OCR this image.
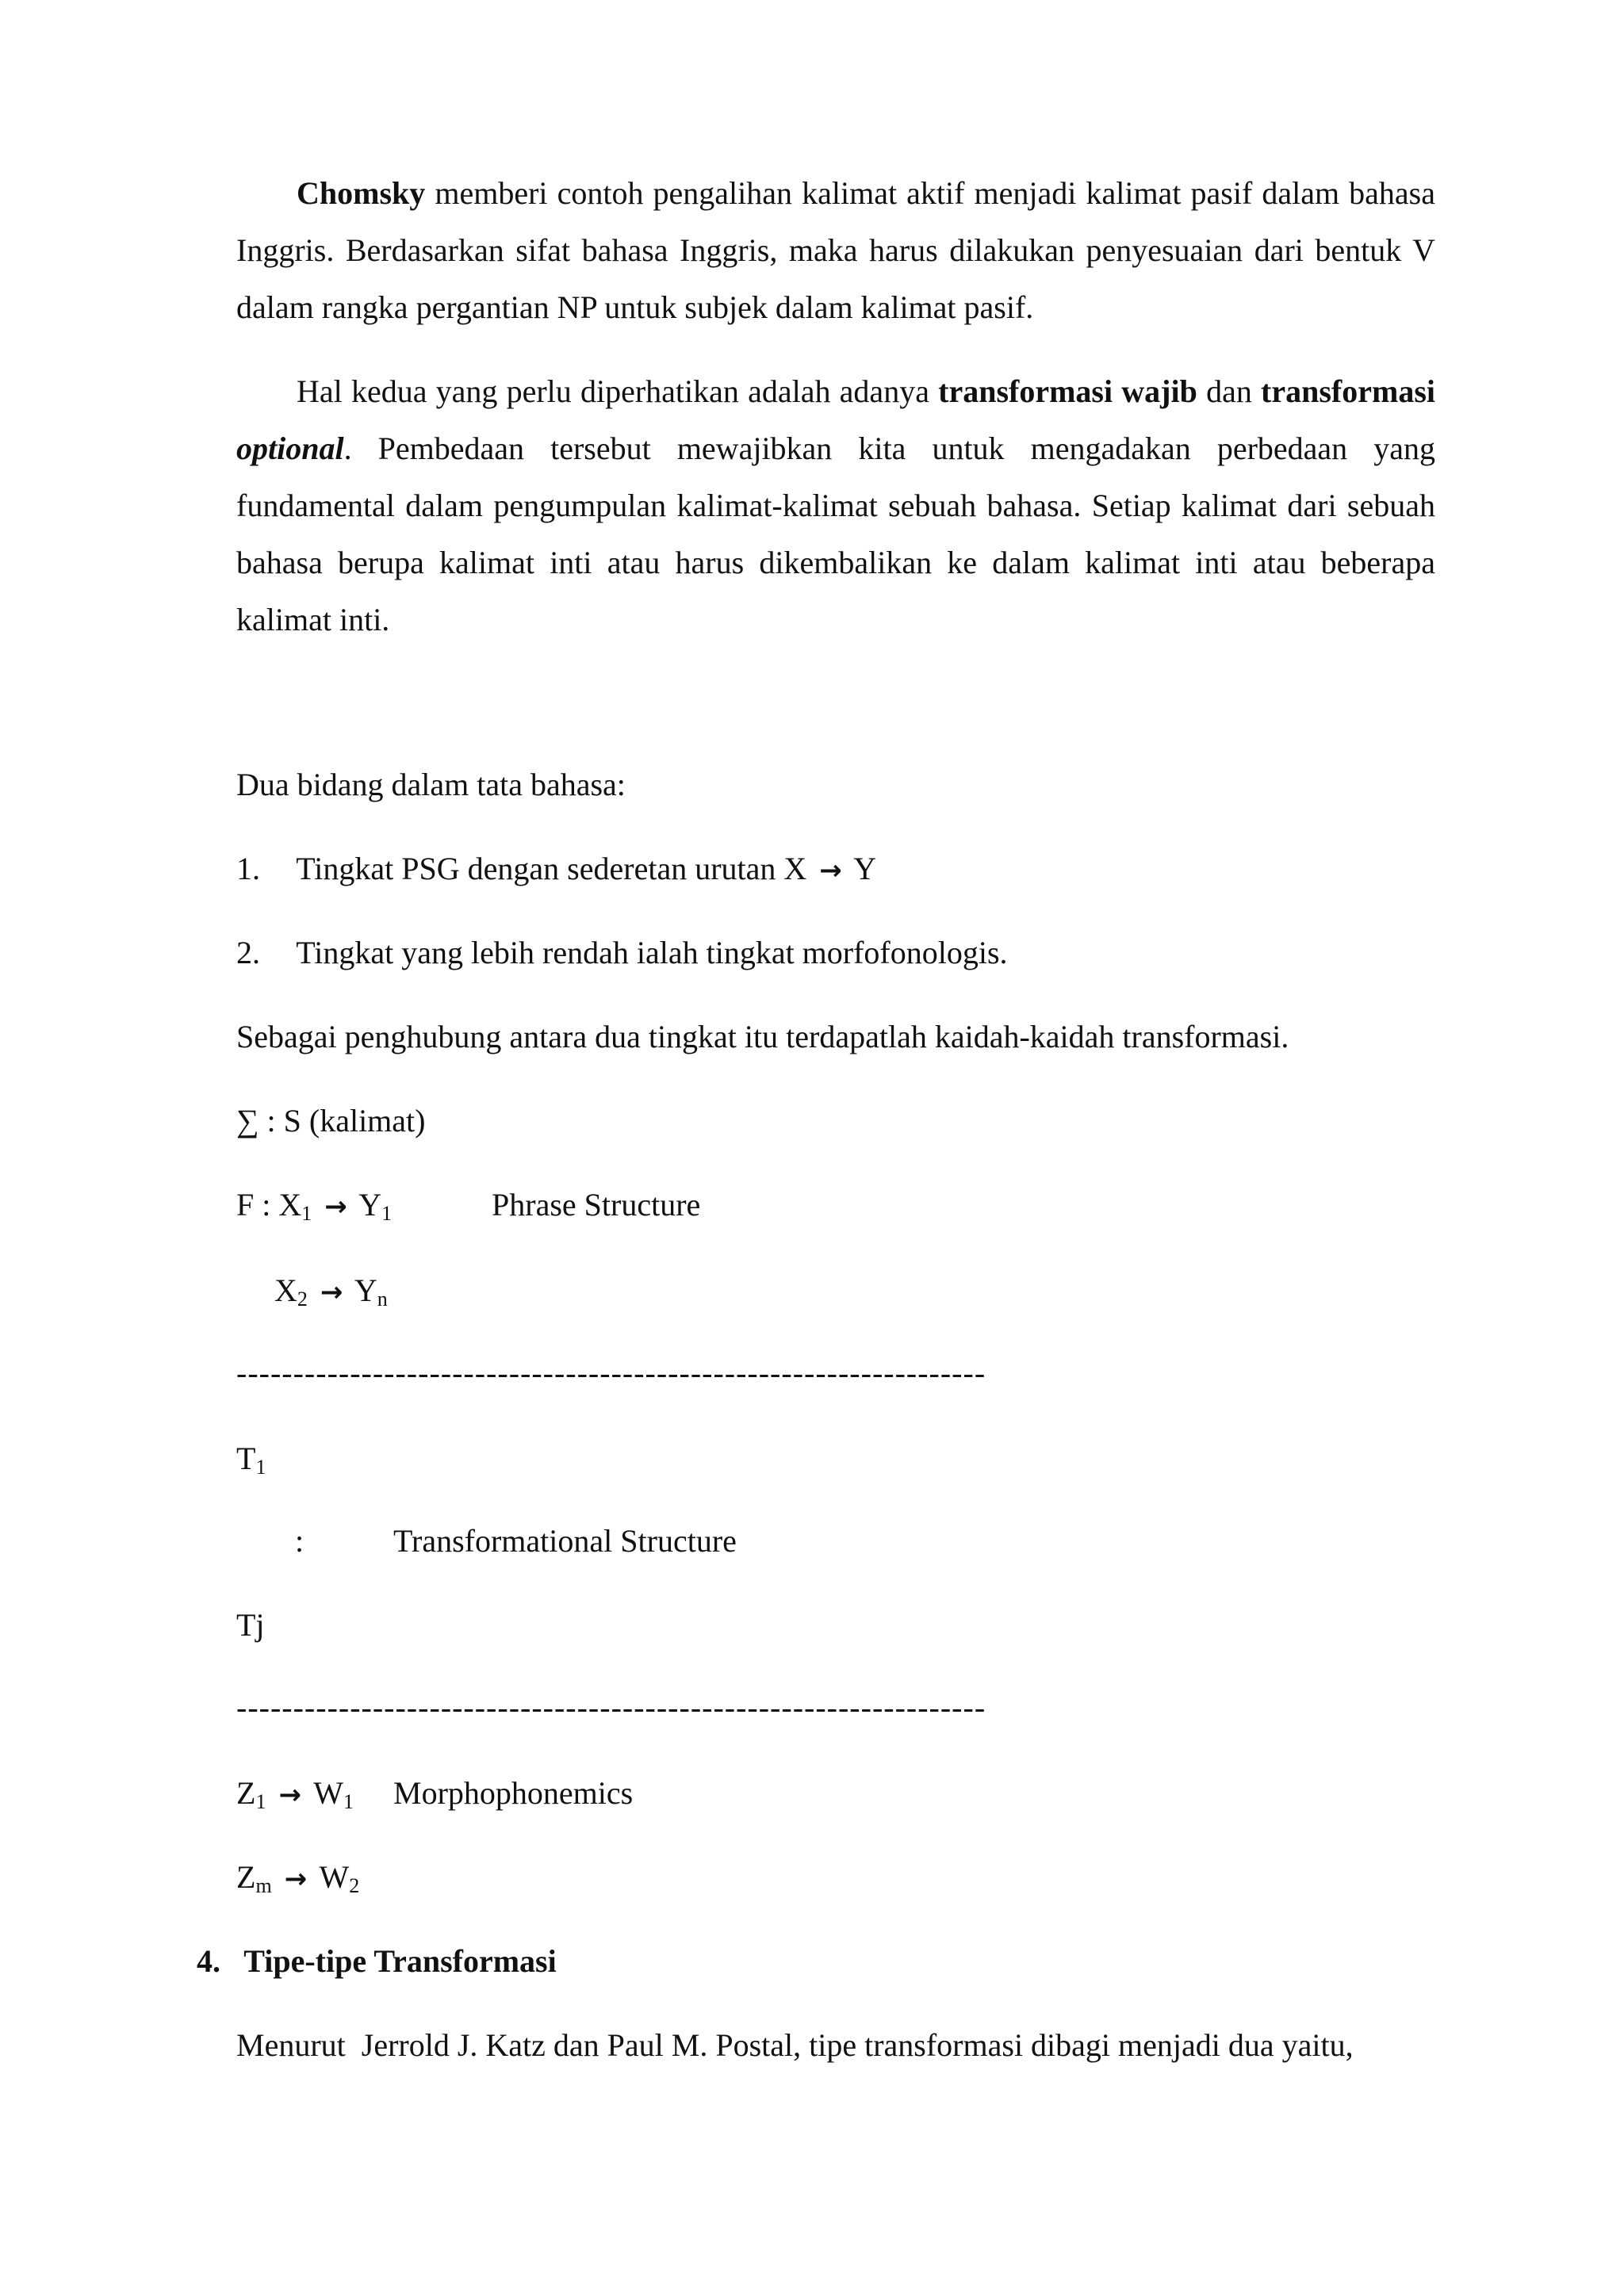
Chomsky memberi contoh pengalihan kalimat aktif menjadi kalimat pasif dalam bahasa Inggris. Berdasarkan sifat bahasa Inggris, maka harus dilakukan penyesuaian dari bentuk V dalam rangka pergantian NP untuk subjek dalam kalimat pasif.
Hal kedua yang perlu diperhatikan adalah adanya transformasi wajib dan transformasi optional. Pembedaan tersebut mewajibkan kita untuk mengadakan perbedaan yang fundamental dalam pengumpulan kalimat-kalimat sebuah bahasa. Setiap kalimat dari sebuah bahasa berupa kalimat inti atau harus dikembalikan ke dalam kalimat inti atau beberapa kalimat inti.
Dua bidang dalam tata bahasa:
1. Tingkat PSG dengan sederetan urutan X → Y
2. Tingkat yang lebih rendah ialah tingkat morfofonologis.
Sebagai penghubung antara dua tingkat itu terdapatlah kaidah-kaidah transformasi.
∑ : S (kalimat)
F : $X_1 \to Y_1$	Phrase Structure
$X_2 \to Y_n$
------------------------------------------------------------------
$T_1$
:	Transformational Structure
Tj
------------------------------------------------------------------
$Z_1 \to W_1$ Morphophonemics
$Z_m \to W_2$
4. Tipe-tipe Transformasi
Menurut  Jerrold J. Katz dan Paul M. Postal, tipe transformasi dibagi menjadi dua yaitu,
